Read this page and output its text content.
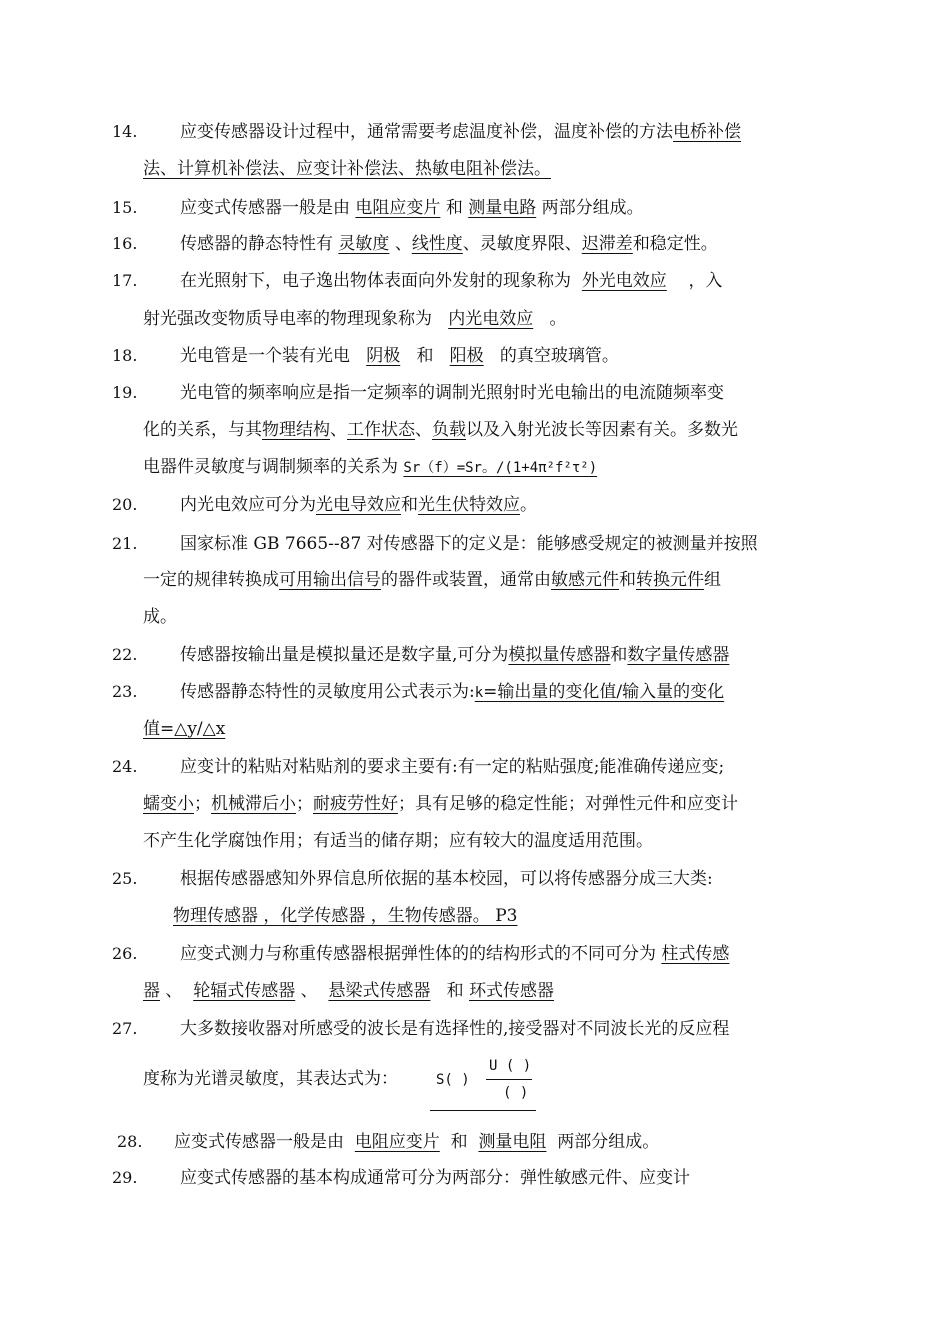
14.	应变传感器设计过程中，通常需要考虑温度补偿，温度补偿的方法电桥补偿
法、计算机补偿法、应变计补偿法、热敏电阻补偿法。
15.	应变式传感器一般是由 电阻应变片 和 测量电路 两部分组成。
16.	传感器的静态特性有 灵敏度 、线性度、灵敏度界限、迟滞差和稳定性。
17.	在光照射下，电子逸出物体表面向外发射的现象称为 外光电效应 ，入
射光强改变物质导电率的物理现象称为 内光电效应 。
18.	光电管是一个装有光电 阴极 和 阳极 的真空玻璃管。
19.	光电管的频率响应是指一定频率的调制光照射时光电输出的电流随频率变
化的关系，与其物理结构、工作状态、负载以及入射光波长等因素有关。多数光
电器件灵敏度与调制频率的关系为 Sr（f）=Sr。/(1+4π²f²τ²)
20.	内光电效应可分为光电导效应和光生伏特效应。
21.	国家标准 GB 7665--87 对传感器下的定义是：能够感受规定的被测量并按照
一定的规律转换成可用输出信号的器件或装置，通常由敏感元件和转换元件组
成。
22.	传感器按输出量是模拟量还是数字量,可分为模拟量传感器和数字量传感器
23.	传感器静态特性的灵敏度用公式表示为:k=输出量的变化值/输入量的变化
值=△y/△x
24.	应变计的粘贴对粘贴剂的要求主要有:有一定的粘贴强度;能准确传递应变;
蠕变小；机械滞后小；耐疲劳性好；具有足够的稳定性能；对弹性元件和应变计
不产生化学腐蚀作用；有适当的储存期；应有较大的温度适用范围。
25.	根据传感器感知外界信息所依据的基本校园，可以将传感器分成三大类:
物理传感器 ，化学传感器 ，生物传感器。 P3
26.	应变式测力与称重传感器根据弹性体的的结构形式的不同可分为 柱式传感
器 、 轮辐式传感器 、 悬梁式传感器 和 环式传感器
27.	大多数接收器对所感受的波长是有选择性的,接受器对不同波长光的反应程
度称为光谱灵敏度，其表达式为：	S( )
U ( )
( )
28.	应变式传感器一般是由 电阻应变片 和 测量电阻 两部分组成。
29.	应变式传感器的基本构成通常可分为两部分：弹性敏感元件、应变计
